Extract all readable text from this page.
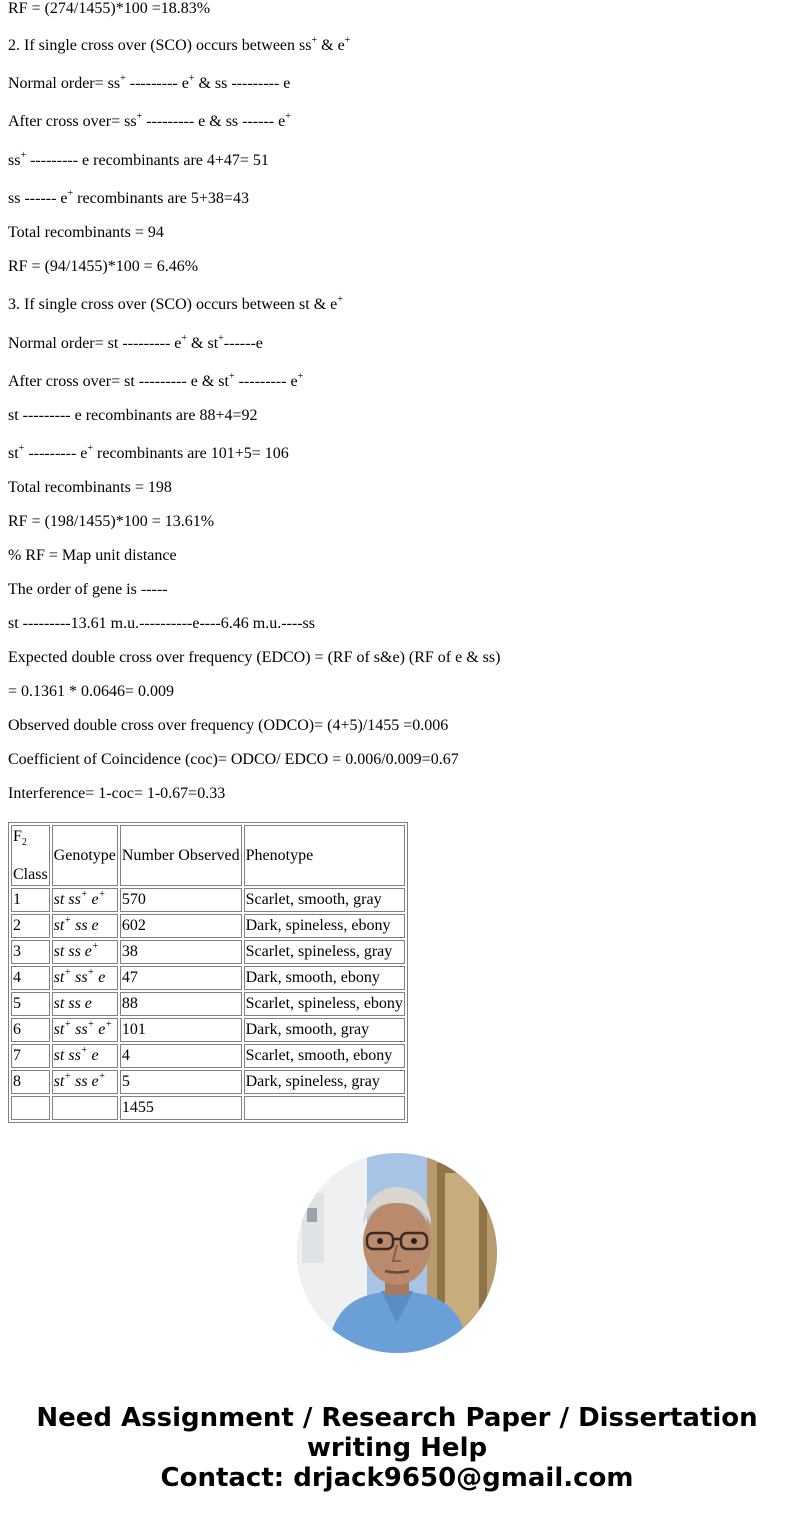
RF = (274/1455)*100 =18.83%

2. If single cross over (SCO) occurs between ss+ & e+

Normal order= ss+ --------- e+ & ss --------- e

After cross over= ss+ --------- e & ss ------ e+

ss+ --------- e recombinants are 4+47= 51

ss ------ e+ recombinants are 5+38=43

Total recombinants = 94

RF = (94/1455)*100 = 6.46%

3. If single cross over (SCO) occurs between st & e+

Normal order= st --------- e+ & st+------e

After cross over= st --------- e & st+ --------- e+

st --------- e recombinants are 88+4=92

st+ --------- e+ recombinants are 101+5= 106

Total recombinants = 198

RF = (198/1455)*100 = 13.61%

% RF = Map unit distance

The order of gene is -----

st ---------13.61 m.u.----------e----6.46 m.u.----ss

Expected double cross over frequency (EDCO) = (RF of s&e) (RF of e & ss)

= 0.1361 * 0.0646= 0.009

Observed double cross over frequency (ODCO)= (4+5)/1455 =0.006

Coefficient of Coincidence (coc)= ODCO/ EDCO = 0.006/0.009=0.67

Interference= 1-coc= 1-0.67=0.33

$F_2$

Class	Genotype	Number Observed	Phenotype
1	st ss+ e+	570	Scarlet, smooth, gray
2	st+ ss e	602	Dark, spineless, ebony
3	st ss e+	38	Scarlet, spineless, gray
4	st+ ss+ e	47	Dark, smooth, ebony
5	st ss e	88	Scarlet, spineless, ebony
6	st+ ss+ e+	101	Dark, smooth, gray
7	st ss+ e	4	Scarlet, smooth, ebony
8	st+ ss e+	5	Dark, spineless, gray
		1455	
Need Assignment / Research Paper / Dissertation
writing Help
Contact: drjack9650@gmail.com
